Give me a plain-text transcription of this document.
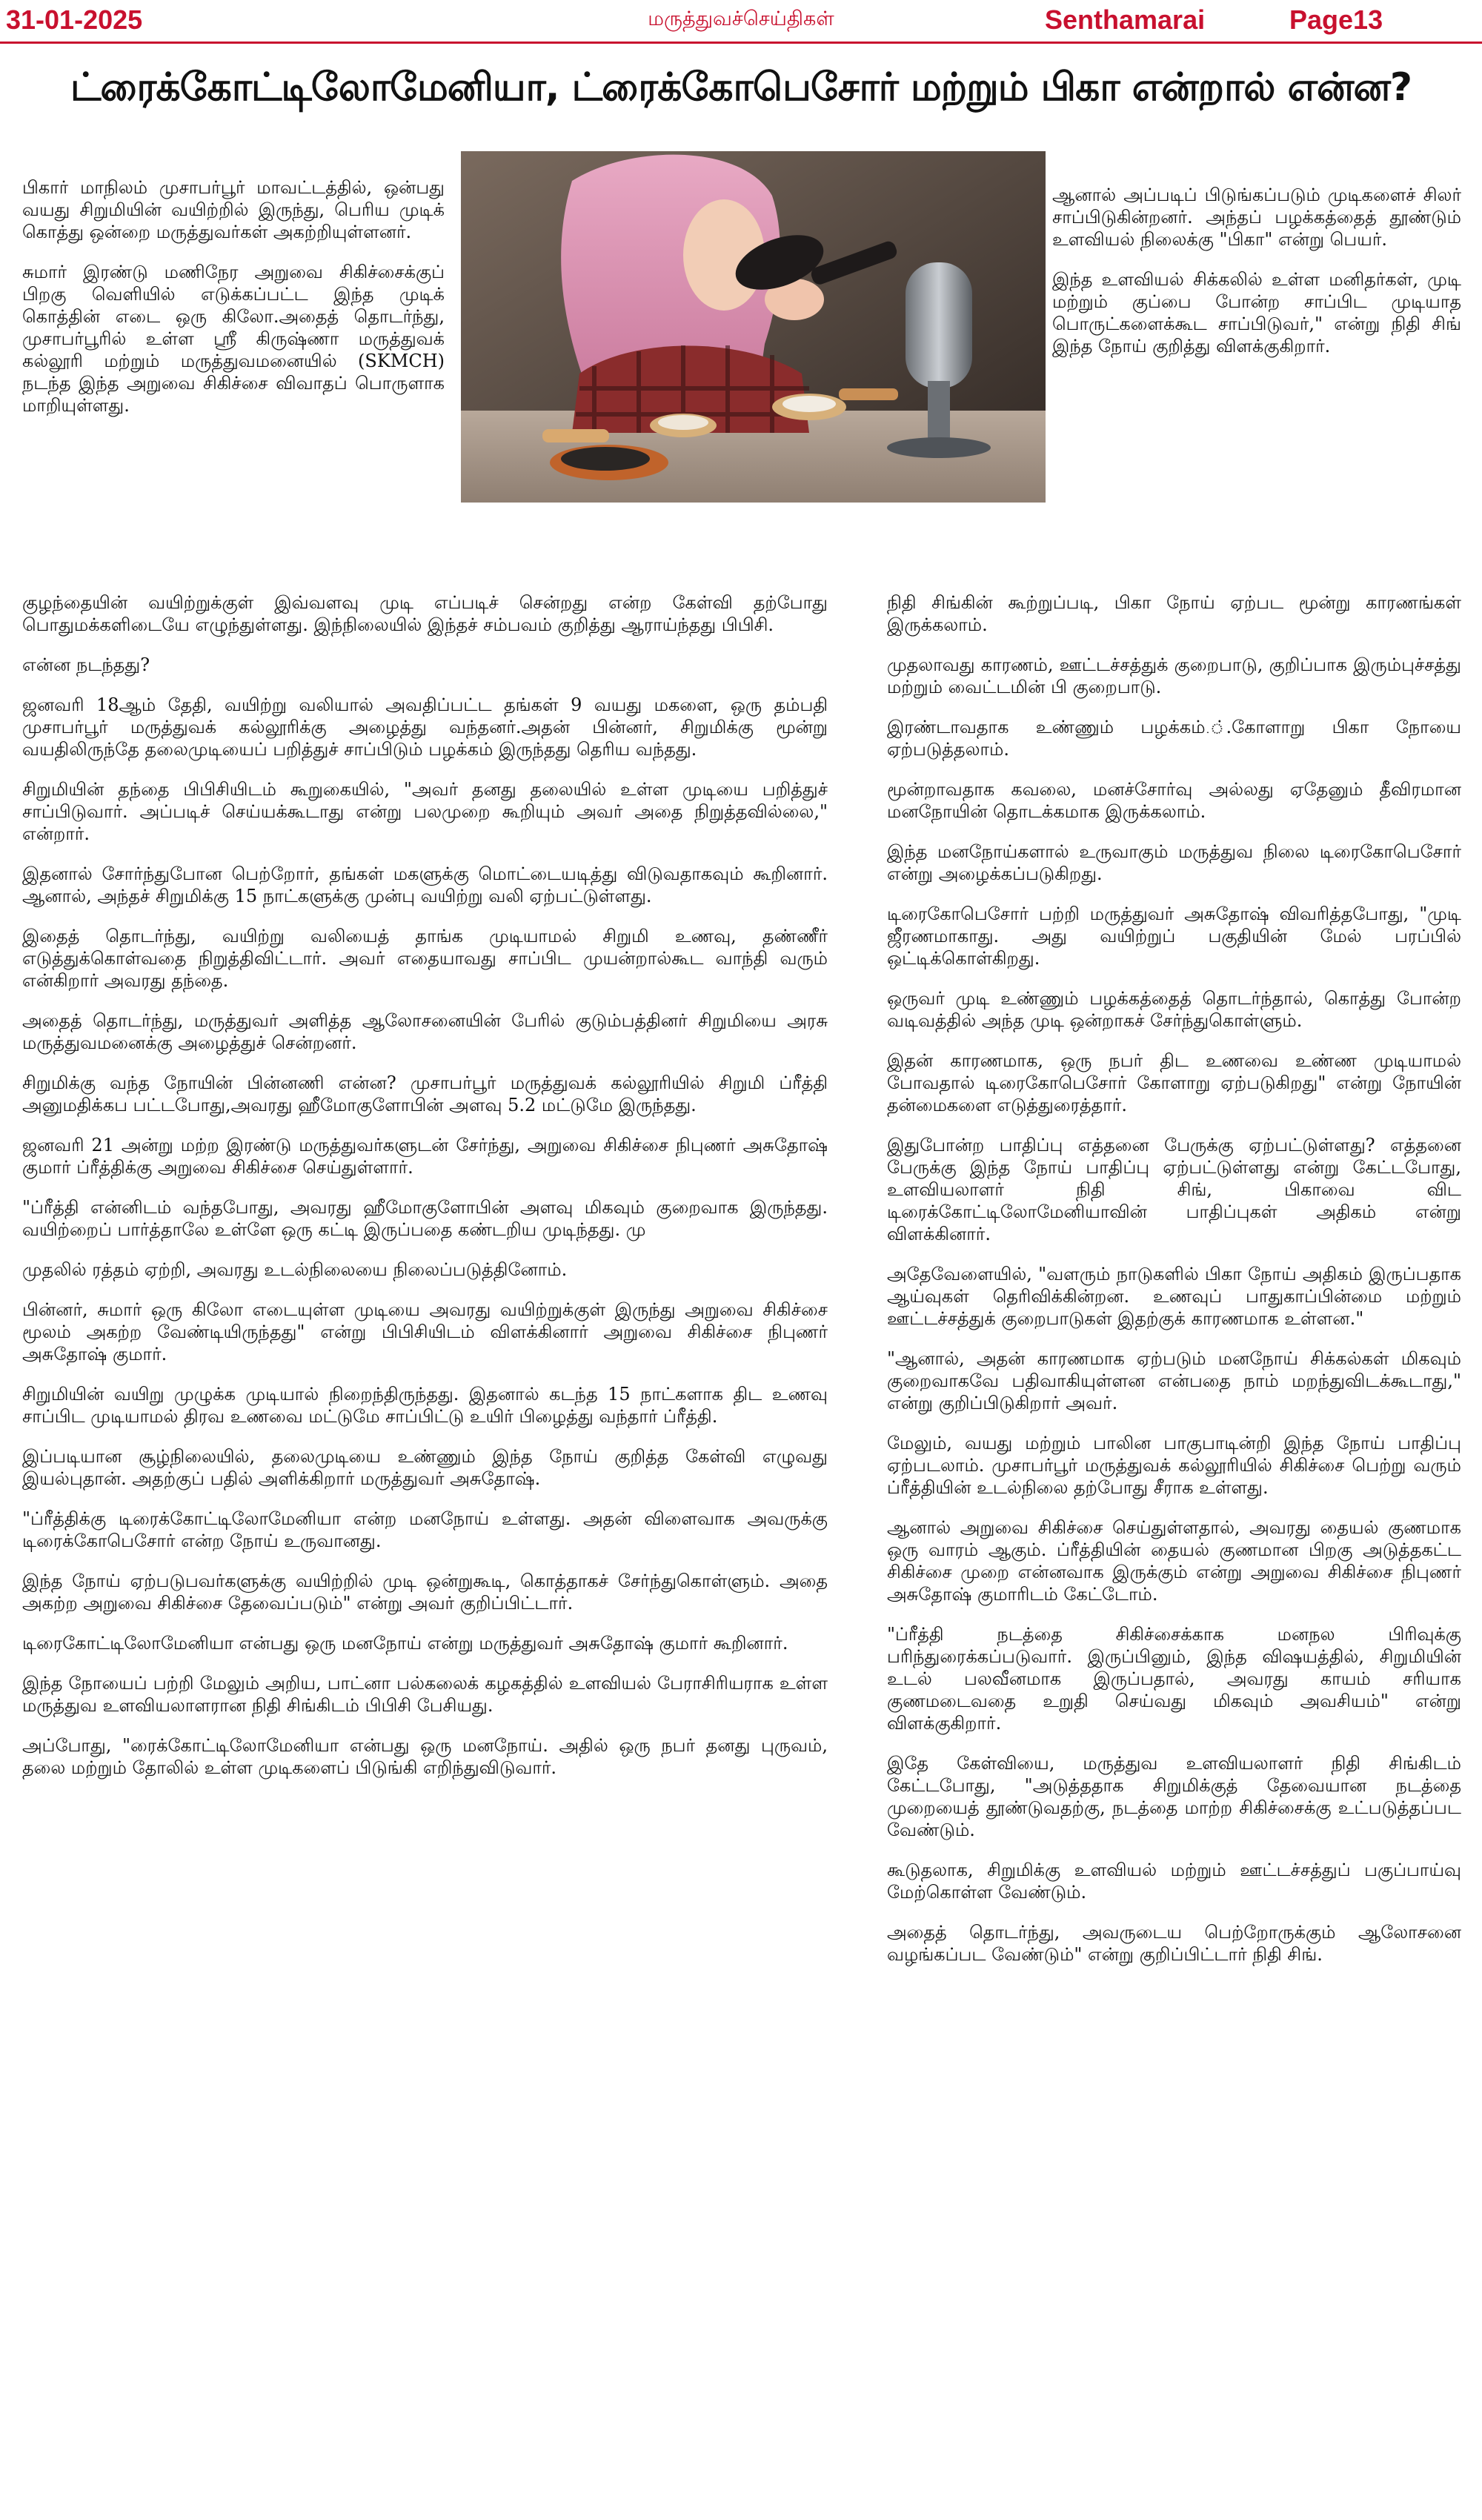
31-01-2025	மருத்துவச்செய்திகள்	Senthamarai	Page13
ட்ரைக்கோட்டிலோமேனியா, ட்ரைக்கோபெசோர் மற்றும் பிகா என்றால் என்ன?

பிகார் மாநிலம் முசாபர்பூர் மாவட்டத்தில், ஒன்பது வயது சிறுமியின் வயிற்றில் இருந்து, பெரிய முடிக் கொத்து ஒன்றை மருத்துவர்கள் அகற்றியுள்ளனர்.

சுமார் இரண்டு மணிநேர அறுவை சிகிச்சைக்குப் பிறகு வெளியில் எடுக்கப்பட்ட இந்த முடிக் கொத்தின் எடை ஒரு கிலோ.அதைத் தொடர்ந்து, முசாபர்பூரில் உள்ள ஸ்ரீ கிருஷ்ணா மருத்துவக் கல்லூரி மற்றும் மருத்துவமனையில் (SKMCH) நடந்த இந்த அறுவை சிகிச்சை விவாதப் பொருளாக மாறியுள்ளது.

ஆனால் அப்படிப் பிடுங்கப்படும் முடிகளைச் சிலர் சாப்பிடுகின்றனர். அந்தப் பழக்கத்தைத் தூண்டும் உளவியல் நிலைக்கு "பிகா" என்று பெயர்.

இந்த உளவியல் சிக்கலில் உள்ள மனிதர்கள், முடி மற்றும் குப்பை போன்ற சாப்பிட முடியாத பொருட்களைக்கூட சாப்பிடுவர்," என்று நிதி சிங் இந்த நோய் குறித்து விளக்குகிறார்.

குழந்தையின் வயிற்றுக்குள் இவ்வளவு முடி எப்படிச் சென்றது என்ற கேள்வி தற்போது பொதுமக்களிடையே எழுந்துள்ளது. இந்நிலையில் இந்தச் சம்பவம் குறித்து ஆராய்ந்தது பிபிசி.

என்ன நடந்தது?

ஜனவரி 18ஆம் தேதி, வயிற்று வலியால் அவதிப்பட்ட தங்கள் 9 வயது மகளை, ஒரு தம்பதி முசாபர்பூர் மருத்துவக் கல்லூரிக்கு அழைத்து வந்தனர்.அதன் பின்னர், சிறுமிக்கு மூன்று வயதிலிருந்தே தலைமுடியைப் பறித்துச் சாப்பிடும் பழக்கம் இருந்தது தெரிய வந்தது.

சிறுமியின் தந்தை பிபிசியிடம் கூறுகையில், "அவர் தனது தலையில் உள்ள முடியை பறித்துச் சாப்பிடுவார். அப்படிச் செய்யக்கூடாது என்று பலமுறை கூறியும் அவர் அதை நிறுத்தவில்லை," என்றார்.

இதனால் சோர்ந்துபோன பெற்றோர், தங்கள் மகளுக்கு மொட்டையடித்து விடுவதாகவும் கூறினார். ஆனால், அந்தச் சிறுமிக்கு 15 நாட்களுக்கு முன்பு வயிற்று வலி ஏற்பட்டுள்ளது.

இதைத் தொடர்ந்து, வயிற்று வலியைத் தாங்க முடியாமல் சிறுமி உணவு, தண்ணீர் எடுத்துக்கொள்வதை நிறுத்திவிட்டார். அவர் எதையாவது சாப்பிட முயன்றால்கூட வாந்தி வரும் என்கிறார் அவரது தந்தை.

அதைத் தொடர்ந்து, மருத்துவர் அளித்த ஆலோசனையின் பேரில் குடும்பத்தினர் சிறுமியை அரசு மருத்துவமனைக்கு அழைத்துச் சென்றனர்.

சிறுமிக்கு வந்த நோயின் பின்னணி என்ன? முசாபர்பூர் மருத்துவக் கல்லூரியில் சிறுமி ப்ரீத்தி அனுமதிக்கப பட்டபோது,அவரது ஹீமோகுளோபின் அளவு 5.2 மட்டுமே இருந்தது.

ஜனவரி 21 அன்று மற்ற இரண்டு மருத்துவர்களுடன் சேர்ந்து, அறுவை சிகிச்சை நிபுணர் அசுதோஷ் குமார் ப்ரீத்திக்கு அறுவை சிகிச்சை செய்துள்ளார்.

"ப்ரீத்தி என்னிடம் வந்தபோது, அவரது ஹீமோகுளோபின் அளவு மிகவும் குறைவாக இருந்தது. வயிற்றைப் பார்த்தாலே உள்ளே ஒரு கட்டி இருப்பதை கண்டறிய முடிந்தது. மு

முதலில் ரத்தம் ஏற்றி, அவரது உடல்நிலையை நிலைப்படுத்தினோம்.

பின்னர், சுமார் ஒரு கிலோ எடையுள்ள முடியை அவரது வயிற்றுக்குள் இருந்து அறுவை சிகிச்சை மூலம் அகற்ற வேண்டியிருந்தது" என்று பிபிசியிடம் விளக்கினார் அறுவை சிகிச்சை நிபுணர் அசுதோஷ் குமார்.

சிறுமியின் வயிறு முழுக்க முடியால் நிறைந்திருந்தது. இதனால் கடந்த 15 நாட்களாக திட உணவு சாப்பிட முடியாமல் திரவ உணவை மட்டுமே சாப்பிட்டு உயிர் பிழைத்து வந்தார் ப்ரீத்தி.

இப்படியான சூழ்நிலையில், தலைமுடியை உண்ணும் இந்த நோய் குறித்த கேள்வி எழுவது இயல்புதான். அதற்குப் பதில் அளிக்கிறார் மருத்துவர் அசுதோஷ்.

"ப்ரீத்திக்கு டிரைக்கோட்டிலோமேனியா என்ற மனநோய் உள்ளது. அதன் விளைவாக அவருக்கு டிரைக்கோபெசோர் என்ற நோய் உருவானது.

இந்த நோய் ஏற்படுபவர்களுக்கு வயிற்றில் முடி ஒன்றுகூடி, கொத்தாகச் சேர்ந்துகொள்ளும். அதை அகற்ற அறுவை சிகிச்சை தேவைப்படும்" என்று அவர் குறிப்பிட்டார்.

டிரைகோட்டிலோமேனியா என்பது ஒரு மனநோய் என்று மருத்துவர் அசுதோஷ் குமார் கூறினார்.

இந்த நோயைப் பற்றி மேலும் அறிய, பாட்னா பல்கலைக் கழகத்தில் உளவியல் பேராசிரியராக உள்ள மருத்துவ உளவியலாளரான நிதி சிங்கிடம் பிபிசி பேசியது.

அப்போது, "ரைக்கோட்டிலோமேனியா என்பது ஒரு மனநோய். அதில் ஒரு நபர் தனது புருவம், தலை மற்றும் தோலில் உள்ள முடிகளைப் பிடுங்கி எறிந்துவிடுவார்.

நிதி சிங்கின் கூற்றுப்படி, பிகா நோய் ஏற்பட மூன்று காரணங்கள் இருக்கலாம்.

முதலாவது காரணம், ஊட்டச்சத்துக் குறைபாடு, குறிப்பாக இரும்புச்சத்து மற்றும் வைட்டமின் பி குறைபாடு.

இரண்டாவதாக உண்ணும் பழக்கம்.்.கோளாறு பிகா நோயை ஏற்படுத்தலாம்.

மூன்றாவதாக கவலை, மனச்சோர்வு அல்லது ஏதேனும் தீவிரமான மனநோயின் தொடக்கமாக இருக்கலாம்.

இந்த மனநோய்களால் உருவாகும் மருத்துவ நிலை டிரைகோபெசோர் என்று அழைக்கப்படுகிறது.

டிரைகோபெசோர் பற்றி மருத்துவர் அசுதோஷ் விவரித்தபோது, "முடி ஜீரணமாகாது. அது வயிற்றுப் பகுதியின் மேல் பரப்பில் ஒட்டிக்கொள்கிறது.

ஒருவர் முடி உண்ணும் பழக்கத்தைத் தொடர்ந்தால், கொத்து போன்ற வடிவத்தில் அந்த முடி ஒன்றாகச் சேர்ந்துகொள்ளும்.

இதன் காரணமாக, ஒரு நபர் திட உணவை உண்ண முடியாமல் போவதால் டிரைகோபெசோர் கோளாறு ஏற்படுகிறது" என்று நோயின் தன்மைகளை எடுத்துரைத்தார்.

இதுபோன்ற பாதிப்பு எத்தனை பேருக்கு ஏற்பட்டுள்ளது? எத்தனை பேருக்கு இந்த நோய் பாதிப்பு ஏற்பட்டுள்ளது என்று கேட்டபோது, உளவியலாளர் நிதி சிங், பிகாவை விட டிரைக்கோட்டிலோமேனியாவின் பாதிப்புகள் அதிகம் என்று விளக்கினார்.

அதேவேளையில், "வளரும் நாடுகளில் பிகா நோய் அதிகம் இருப்பதாக ஆய்வுகள் தெரிவிக்கின்றன. உணவுப் பாதுகாப்பின்மை மற்றும் ஊட்டச்சத்துக் குறைபாடுகள் இதற்குக் காரணமாக உள்ளன."

"ஆனால், அதன் காரணமாக ஏற்படும் மனநோய் சிக்கல்கள் மிகவும் குறைவாகவே பதிவாகியுள்ளன என்பதை நாம் மறந்துவிடக்கூடாது," என்று குறிப்பிடுகிறார் அவர்.

மேலும், வயது மற்றும் பாலின பாகுபாடின்றி இந்த நோய் பாதிப்பு ஏற்படலாம். முசாபர்பூர் மருத்துவக் கல்லூரியில் சிகிச்சை பெற்று வரும் ப்ரீத்தியின் உடல்நிலை தற்போது சீராக உள்ளது.

ஆனால் அறுவை சிகிச்சை செய்துள்ளதால், அவரது தையல் குணமாக ஒரு வாரம் ஆகும். ப்ரீத்தியின் தையல் குணமான பிறகு அடுத்தகட்ட சிகிச்சை முறை என்னவாக இருக்கும் என்று அறுவை சிகிச்சை நிபுணர் அசுதோஷ் குமாரிடம் கேட்டோம்.

"ப்ரீத்தி நடத்தை சிகிச்சைக்காக மனநல பிரிவுக்கு பரிந்துரைக்கப்படுவார். இருப்பினும், இந்த விஷயத்தில், சிறுமியின் உடல் பலவீனமாக இருப்பதால், அவரது காயம் சரியாக குணமடைவதை உறுதி செய்வது மிகவும் அவசியம்" என்று விளக்குகிறார்.

இதே கேள்வியை, மருத்துவ உளவியலாளர் நிதி சிங்கிடம் கேட்டபோது, "அடுத்ததாக சிறுமிக்குத் தேவையான நடத்தை முறையைத் தூண்டுவதற்கு, நடத்தை மாற்ற சிகிச்சைக்கு உட்படுத்தப்பட வேண்டும்.

கூடுதலாக, சிறுமிக்கு உளவியல் மற்றும் ஊட்டச்சத்துப் பகுப்பாய்வு மேற்கொள்ள வேண்டும்.

அதைத் தொடர்ந்து, அவருடைய பெற்றோருக்கும் ஆலோசனை வழங்கப்பட வேண்டும்" என்று குறிப்பிட்டார் நிதி சிங்.
